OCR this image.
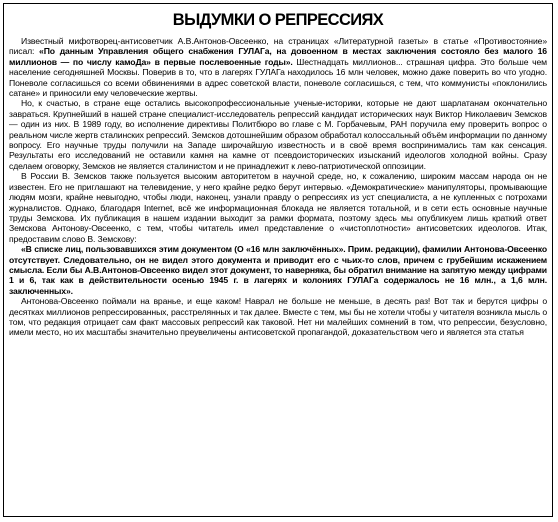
ВЫДУМКИ О РЕПРЕССИЯХ

Известный мифотворец-антисоветчик А.В.Антонов-Овсеенко, на страницах «Литературной газеты» в статье «Противостояние» писал: «По данным Управления общего снабжения ГУЛАГа, на довоенном в местах заключения состояло без малого 16 миллионов — по числу камоДа» в первые послевоенные годы». Шестнадцать миллионов... страшная цифра. Это больше чем население сегодняшней Москвы. Поверив в то, что в лагерях ГУЛАГа находилось 16 млн человек, можно даже поверить во что угодно. Поневоле согласишься со всеми обвинениями в адрес советской власти, поневоле согласишься, с тем, что коммунисты «поклонились сатане» и приносили ему человеческие жертвы.

Но, к счастью, в стране еще остались высокопрофессиональные ученые-историки, которые не дают шарлатанам окончательно завраться. Крупнейший в нашей стране специалист-исследователь репрессий кандидат исторических наук Виктор Николаевич Земсков — один из них. В 1989 году, во исполнение директивы Политбюро во главе с М. Горбачевым, РАН поручила ему проверить вопрос о реальном числе жертв сталинских репрессий. Земсков дотошнейшим образом обработал колоссальный объём информации по данному вопросу. Его научные труды получили на Западе широчайшую известность и в своё время воспринимались там как сенсация. Результаты его исследований не оставили камня на камне от псевдоисторических изысканий идеологов холодной войны. Сразу сделаем оговорку, Земсков не является сталинистом и не принадлежит к лево-патриотической оппозиции.

В России В. Земсков также пользуется высоким авторитетом в научной среде, но, к сожалению, широким массам народа он не известен. Его не приглашают на телевидение, у него крайне редко берут интервью. «Демократические» манипуляторы, промывающие людям мозги, крайне невыгодно, чтобы люди, наконец, узнали правду о репрессиях из уст специалиста, а не купленных с потрохами журналистов. Однако, благодаря Internet, всё же информационная блокада не является тотальной, и в сети есть основные научные труды Земскова. Их публикация в нашем издании выходит за рамки формата, поэтому здесь мы опубликуем лишь краткий ответ Земскова Антонову-Овсеенко, с тем, чтобы читатель имел представление о «чистоплотности» антисоветских идеологов. Итак, предоставим слово В. Земскову:

«В списке лиц, пользовавшихся этим документом (О «16 млн заключённых». Прим. редакции), фамилии Антонова-Овсеенко отсутствует. Следовательно, он не видел этого документа и приводит его с чьих-то слов, причем с грубейшим искажением смысла. Если бы А.В.Антонов-Овсеенко видел этот документ, то наверняка, бы обратил внимание на запятую между цифрами 1 и 6, так как в действительности осенью 1945 г. в лагерях и колониях ГУЛАГа содержалось не 16 млн., а 1,6 млн. заключенных».

Антонова-Овсеенко поймали на вранье, и еще каком! Наврал не больше не меньше, в десять раз! Вот так и берутся цифры о десятках миллионов репрессированных, расстрелянных и так далее. Вместе с тем, мы бы не хотели чтобы у читателя возникла мысль о том, что редакция отрицает сам факт массовых репрессий как таковой. Нет ни малейших сомнений в том, что репрессии, безусловно, имели место, но их масштабы значительно преувеличены антисоветской пропагандой, доказательством чего и является эта статья
